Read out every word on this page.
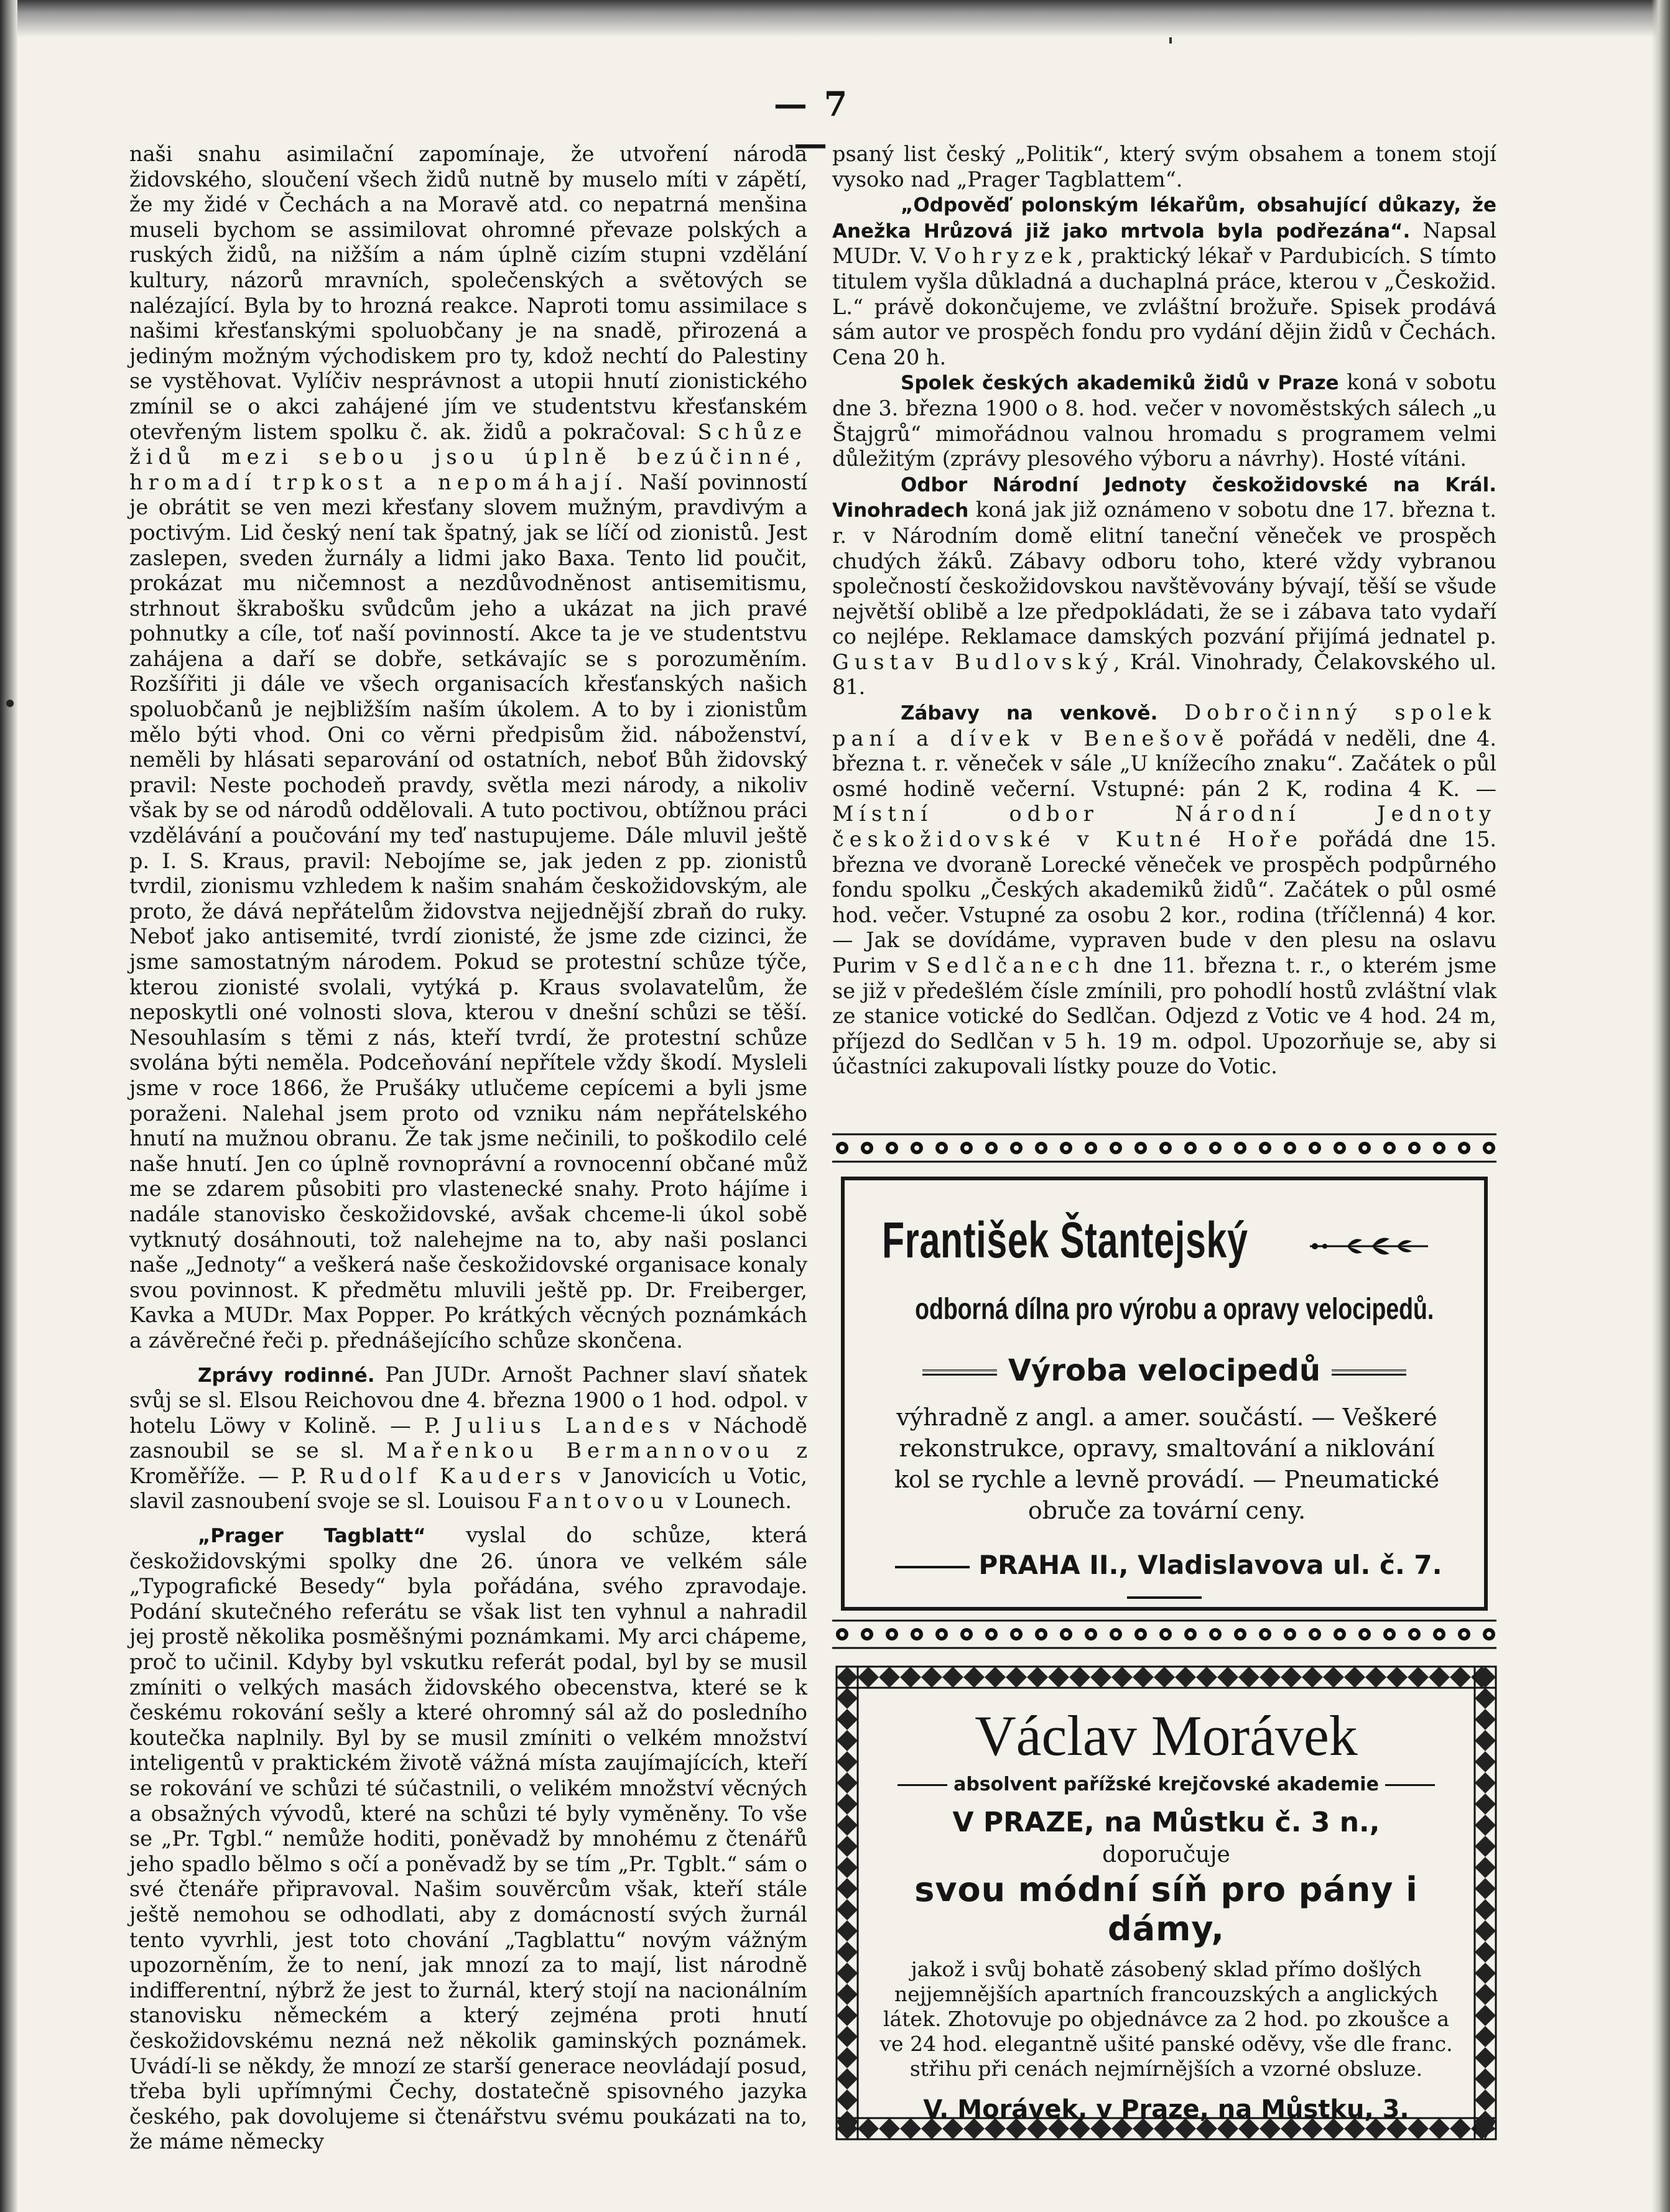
— 7 —

naši snahu asimilační zapomínaje, že utvoření národa židovského, sloučení všech židů nutně by muselo míti v zápětí, že my židé v Čechách a na Moravě atd. co nepatrná menšina museli bychom se assimilovat ohromné převaze polských a ruských židů, na nižším a nám úplně cizím stupni vzdělání kultury, názorů mravních, společenských a světových se nalézající. Byla by to hrozná reakce. Naproti tomu assimilace s našimi křesťanskými spoluobčany je na snadě, přirozená a jediným možným východiskem pro ty, kdož nechtí do Palestiny se vystěhovat. Vylíčiv nesprávnost a utopii hnutí zionistického zmínil se o akci zahájené jím ve studentstvu křesťanském otevřeným listem spolku č. ak. židů a pokračoval: Schůze židů mezi sebou jsou úplně bezúčinné, hromadí trpkost a nepomáhají. Naší povinností je obrátit se ven mezi křesťany slovem mužným, pravdivým a poctivým. Lid český není tak špatný, jak se líčí od zionistů. Jest zaslepen, sveden žurnály a lidmi jako Baxa. Tento lid poučit, prokázat mu ničemnost a nezdůvodněnost antisemitismu, strhnout škrabošku svůdcům jeho a ukázat na jich pravé pohnutky a cíle, toť naší povinností. Akce ta je ve studentstvu zahájena a daří se dobře, setkávajíc se s porozuměním. Rozšířiti ji dále ve všech organisacích křesťanských našich spoluobčanů je nejbližším naším úkolem. A to by i zionistům mělo býti vhod. Oni co věrni předpisům žid. náboženství, neměli by hlásati separování od ostatních, neboť Bůh židovský pravil: Neste pochodeň pravdy, světla mezi národy, a nikoliv však by se od národů oddělovali. A tuto poctivou, obtížnou práci vzdělávání a poučování my teď nastupujeme. Dále mluvil ještě p. I. S. Kraus, pravil: Nebojíme se, jak jeden z pp. zionistů tvrdil, zionismu vzhledem k našim snahám českožidovským, ale proto, že dává nepřátelům židovstva nejjednější zbraň do ruky. Neboť jako antisemité, tvrdí zionisté, že jsme zde cizinci, že jsme samostatným národem. Pokud se protestní schůze týče, kterou zionisté svolali, vytýká p. Kraus svolavatelům, že neposkytli oné volnosti slova, kterou v dnešní schůzi se těší. Nesouhlasím s těmi z nás, kteří tvrdí, že protestní schůze svolána býti neměla. Podceňování nepřítele vždy škodí. Mysleli jsme v roce 1866, že Prušáky utlučeme cepícemi a byli jsme poraženi. Nalehal jsem proto od vzniku nám nepřátelského hnutí na mužnou obranu. Že tak jsme nečinili, to poškodilo celé naše hnutí. Jen co úplně rovnoprávní a rovnocenní občané můž me se zdarem působiti pro vlastenecké snahy. Proto hájíme i nadále stanovisko českožidovské, avšak chceme-li úkol sobě vytknutý dosáhnouti, tož nalehejme na to, aby naši poslanci naše „Jednoty“ a veškerá naše českožidovské organisace konaly svou povinnost. K předmětu mluvili ještě pp. Dr. Freiberger, Kavka a MUDr. Max Popper. Po krátkých věcných poznámkách a závěrečné řeči p. přednášejícího schůze skončena.

Zprávy rodinné. Pan JUDr. Arnošt Pachner slaví sňatek svůj se sl. Elsou Reichovou dne 4. března 1900 o 1 hod. odpol. v hotelu Löwy v Kolině. — P. Julius Landes v Náchodě zasnoubil se se sl. Mařenkou Bermannovou z Kroměříže. — P. Rudolf Kauders v Janovicích u Votic, slavil zasnoubení svoje se sl. Louisou Fantovou v Lounech.

„Prager Tagblatt“ vyslal do schůze, která českožidovskými spolky dne 26. února ve velkém sále „Typografické Besedy“ byla pořádána, svého zpravodaje. Podání skutečného referátu se však list ten vyhnul a nahradil jej prostě několika posměšnými poznámkami. My arci chápeme, proč to učinil. Kdyby byl vskutku referát podal, byl by se musil zmíniti o velkých masách židovského obecenstva, které se k českému rokování sešly a které ohromný sál až do posledního koutečka naplnily. Byl by se musil zmíniti o velkém množství inteligentů v praktickém životě vážná místa zaujímajících, kteří se rokování ve schůzi té súčastnili, o velikém množství věcných a obsažných vývodů, které na schůzi té byly vyměněny. To vše se „Pr. Tgbl.“ nemůže hoditi, poněvadž by mnohému z čtenářů jeho spadlo bělmo s očí a poněvadž by se tím „Pr. Tgblt.“ sám o své čtenáře připravoval. Našim souvěrcům však, kteří stále ještě nemohou se odhodlati, aby z domácností svých žurnál tento vyvrhli, jest toto chování „Tagblattu“ novým vážným upozorněním, že to není, jak mnozí za to mají, list národně indifferentní, nýbrž že jest to žurnál, který stojí na nacionálním stanovisku německém a který zejména proti hnutí českožidovskému nezná než několik gaminských poznámek. Uvádí-li se někdy, že mnozí ze starší generace neovládají posud, třeba byli upřímnými Čechy, dostatečně spisovného jazyka českého, pak dovolujeme si čtenářstvu svému poukázati na to, že máme německy

psaný list český „Politik“, který svým obsahem a tonem stojí vysoko nad „Prager Tagblattem“.

„Odpověď polonským lékařům, obsahující důkazy, že Anežka Hrůzová již jako mrtvola byla podřezána“. Napsal MUDr. V. Vohryzek, praktický lékař v Pardubicích. S tímto titulem vyšla důkladná a duchaplná práce, kterou v „Českožid. L.“ právě dokončujeme, ve zvláštní brožuře. Spisek prodává sám autor ve prospěch fondu pro vydání dějin židů v Čechách. Cena 20 h.

Spolek českých akademiků židů v Praze koná v sobotu dne 3. března 1900 o 8. hod. večer v novoměstských sálech „u Štajgrů“ mimořádnou valnou hromadu s programem velmi důležitým (zprávy plesového výboru a návrhy). Hosté vítáni.

Odbor Národní Jednoty českožidovské na Král. Vinohradech koná jak již oznámeno v sobotu dne 17. března t. r. v Národním domě elitní taneční věneček ve prospěch chudých žáků. Zábavy odboru toho, které vždy vybranou společností českožidovskou navštěvovány bývají, těší se všude největší oblibě a lze předpokládati, že se i zábava tato vydaří co nejlépe. Reklamace damských pozvání přijímá jednatel p. Gustav Budlovský, Král. Vinohrady, Čelakovského ul. 81.

Zábavy na venkově. Dobročinný spolek paní a dívek v Benešově pořádá v neděli, dne 4. března t. r. věneček v sále „U knížecího znaku“. Začátek o půl osmé hodině večerní. Vstupné: pán 2 K, rodina 4 K. — Místní odbor Národní Jednoty českožidovské v Kutné Hoře pořádá dne 15. března ve dvoraně Lorecké věneček ve prospěch podpůrného fondu spolku „Českých akademiků židů“. Začátek o půl osmé hod. večer. Vstupné za osobu 2 kor., rodina (tříčlenná) 4 kor. — Jak se dovídáme, vypraven bude v den plesu na oslavu Purim v Sedlčanech dne 11. března t. r., o kterém jsme se již v předešlém čísle zmínili, pro pohodlí hostů zvláštní vlak ze stanice votické do Sedlčan. Odjezd z Votic ve 4 hod. 24 m, příjezd do Sedlčan v 5 h. 19 m. odpol. Upozorňuje se, aby si účastníci zakupovali lístky pouze do Votic.

František Štantejský
odborná dílna pro výrobu a opravy velocipedů.
Výroba velocipedů
výhradně z angl. a amer. součástí. — Veškeré rekonstrukce, opravy, smaltování a niklování kol se rychle a levně provádí. — Pneumatické obruče za tovární ceny.
PRAHA II., Vladislavova ul. č. 7.
Václav Morávek
absolvent pařížské krejčovské akademie
V PRAZE, na Můstku č. 3 n.,
doporučuje
svou módní síň pro pány i dámy,
jakož i svůj bohatě zásobený sklad přímo došlých nejjemnějších apartních francouzských a anglických látek. Zhotovuje po objednávce za 2 hod. po zkoušce a ve 24 hod. elegantně ušité panské oděvy, vše dle franc. střihu při cenách nejmírnějších a vzorné obsluze.
V. Morávek, v Praze, na Můstku, 3.
